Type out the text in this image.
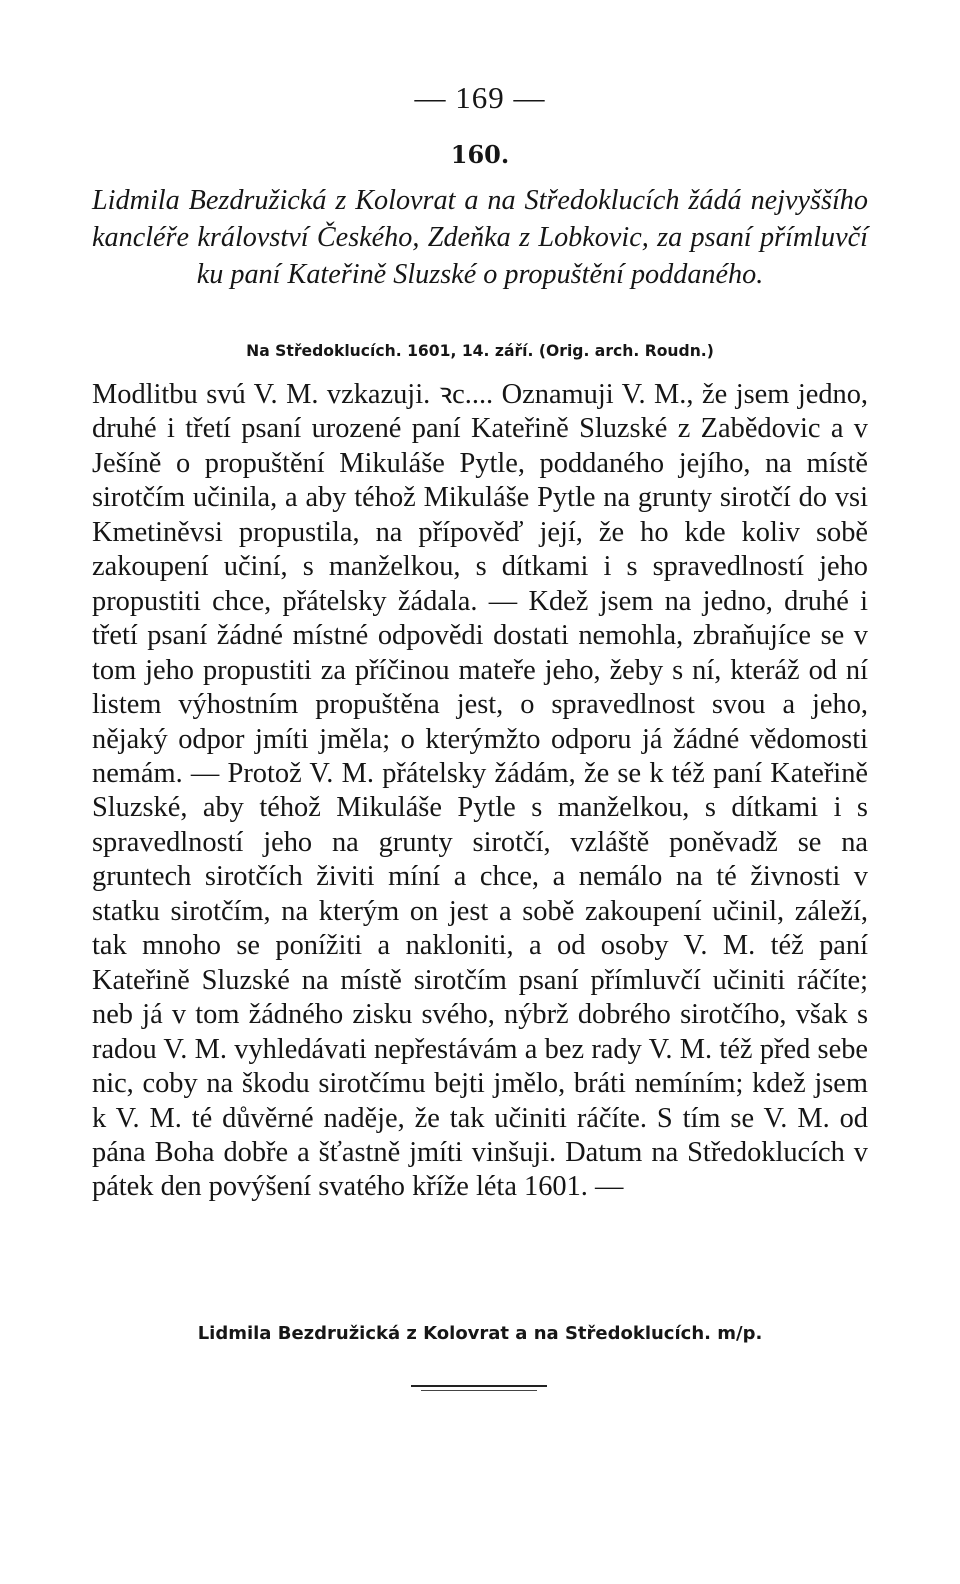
— 169 —
160.
Lidmila Bezdružická z Kolovrat a na Středoklucích žádá nejvyššího kancléře království Českého, Zdeňka z Lobkovic, za psaní přímluvčí ku paní Kateřině Sluzské o propuštění poddaného.
Na Středoklucích. 1601, 14. září. (Orig. arch. Roudn.)
Modlitbu svú V. M. vzkazuji. ꝛc.... Oznamuji V. M., že jsem jedno, druhé i třetí psaní urozené paní Kateřině Sluzské z Zabědovic a v Ješíně o propuštění Mikuláše Pytle, poddaného jejího, na místě sirotčím učinila, a aby téhož Mikuláše Pytle na grunty sirotčí do vsi Kmetiněvsi propustila, na přípověď její, že ho kde koliv sobě zakoupení učiní, s manželkou, s dítkami i s spravedlností jeho propustiti chce, přátelsky žádala. — Kdež jsem na jedno, druhé i třetí psaní žádné místné odpovědi dostati nemohla, zbraňujíce se v tom jeho propustiti za příčinou mateře jeho, žeby s ní, kteráž od ní listem výhostním propuštěna jest, o spravedlnost svou a jeho, nějaký odpor jmíti jměla; o kterýmžto odporu já žádné vědomosti nemám. — Protož V. M. přátelsky žádám, že se k též paní Kateřině Sluzské, aby téhož Mikuláše Pytle s manželkou, s dítkami i s spravedlností jeho na grunty sirotčí, vzláště poněvadž se na gruntech sirotčích živiti míní a chce, a nemálo na té živnosti v statku sirotčím, na kterým on jest a sobě zakoupení učinil, záleží, tak mnoho se ponížiti a nakloniti, a od osoby V. M. též paní Kateřině Sluzské na místě sirotčím psaní přímluvčí učiniti ráčíte; neb já v tom žádného zisku svého, nýbrž dobrého sirotčího, však s radou V. M. vyhledávati nepřestávám a bez rady V. M. též před sebe nic, coby na škodu sirotčímu bejti jmělo, bráti nemíním; kdež jsem k V. M. té důvěrné naděje, že tak učiniti ráčíte. S tím se V. M. od pána Boha dobře a šťastně jmíti vinšuji. Datum na Středoklucích v pátek den povýšení svatého kříže léta 1601. —
Lidmila Bezdružická z Kolovrat a na Středoklucích. m/p.
